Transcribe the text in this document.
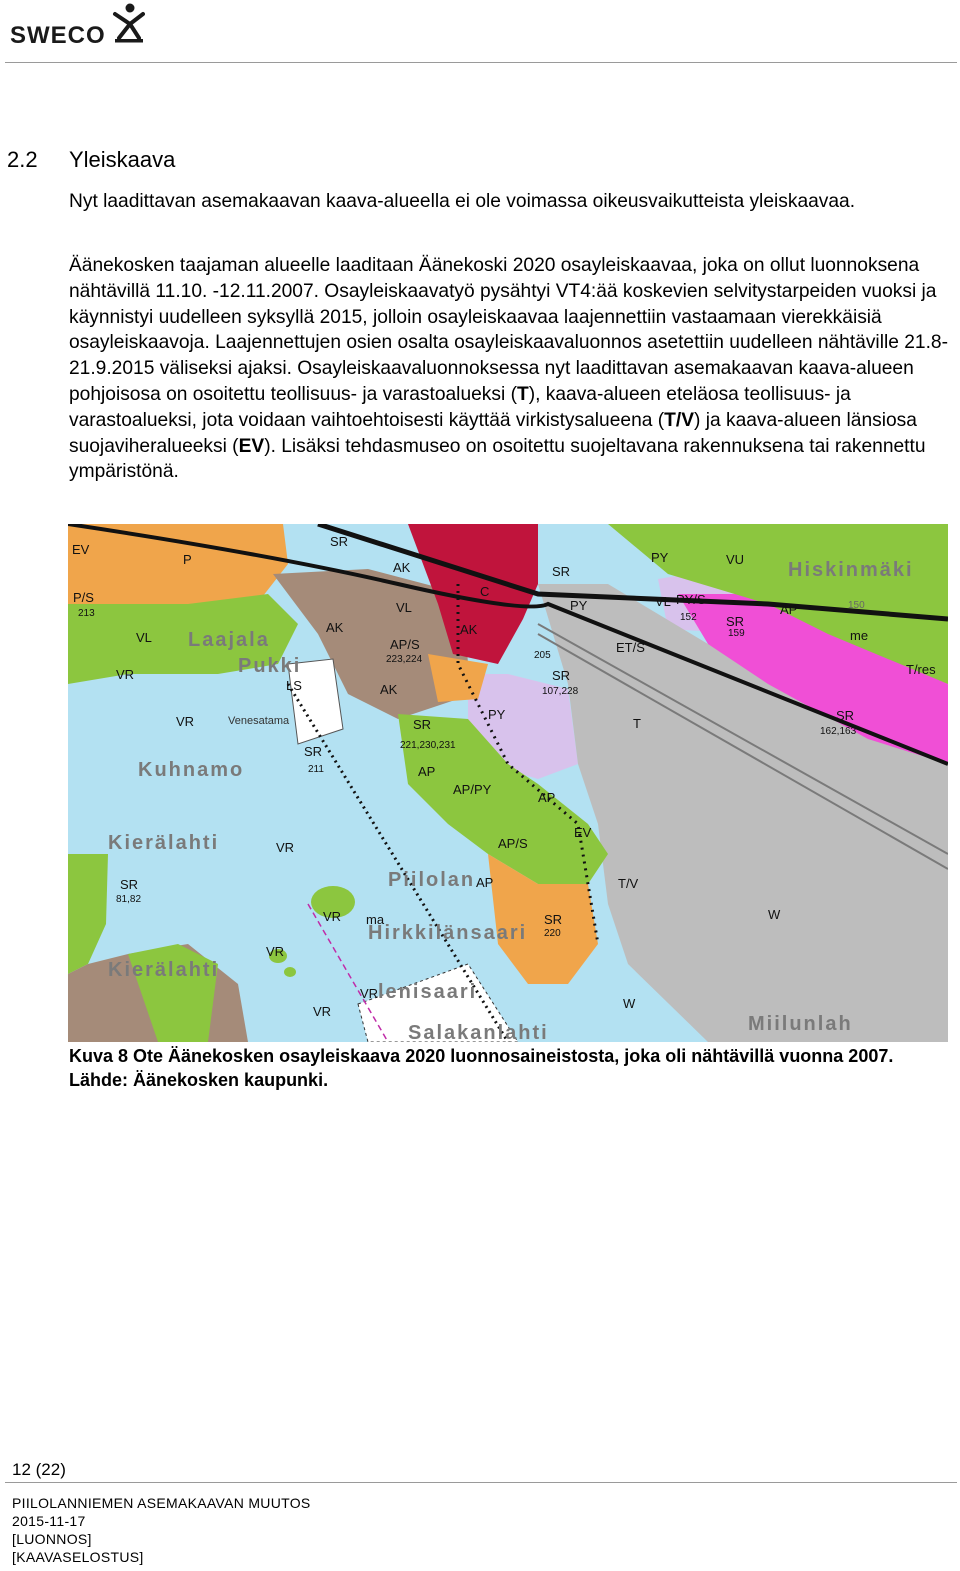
SWECO
2.2 Yleiskaava

Nyt laadittavan asemakaavan kaava-alueella ei ole voimassa oikeusvaikutteista yleiskaavaa.

Äänekosken taajaman alueelle laaditaan Äänekoski 2020 osayleiskaavaa, joka on ollut luonnoksena nähtävillä 11.10. -12.11.2007. Osayleiskaavatyö pysähtyi VT4:ää koskevien selvitystarpeiden vuoksi ja käynnistyi uudelleen syksyllä 2015, jolloin osayleiskaavaa laajennettiin vastaamaan vierekkäisiä osayleiskaavoja. Laajennettujen osien osalta osayleiskaavaluonnos asetettiin uudelleen nähtäville 21.8-21.9.2015 väliseksi ajaksi. Osayleiskaavaluonnoksessa nyt laadittavan asemakaavan kaava-alueen pohjoisosa on osoitettu teollisuus- ja varastoalueksi (T), kaava-alueen eteläosa teollisuus- ja varastoalueksi, jota voidaan vaihtoehtoisesti käyttää virkistysalueena (T/V) ja kaava-alueen länsiosa suojaviheralueeksi (EV). Lisäksi tehdasmuseo on osoitettu suojeltavana rakennuksena tai rakennettu ympäristönä.

Hiskinmäki
Laajala
Pukki
Kuhnamo
Kierälahti
Piilolan
Hirkkilänsaari
Kierälahti
lenisaari
Salakanlahti	Miilunlah
Venesatama
EV
P
P/S
213
VL
SR
AK
AK	AK
AK
VL
AP/S
223,224
SR
205
SR
107,228
PY
C
PY	VU
VL PY/S
152 SR
159
ET/S
AP
me
T/res
SR
162,163
T
VR
LS
VR
SR
211
SR
221,230,231
PY
AP
AP/PY
AP
AP
EV
AP/S
T/V
VR
SR
81,82
VR ma	SR
220
VR
VR
VR
W
W
150

Kuva 8 Ote Äänekosken osayleiskaava 2020 luonnosaineistosta, joka oli nähtävillä vuonna 2007. Lähde: Äänekosken kaupunki.

12 (22)
PIILOLANNIEMEN ASEMAKAAVAN MUUTOS
2015-11-17
[LUONNOS]
[KAAVASELOSTUS]
